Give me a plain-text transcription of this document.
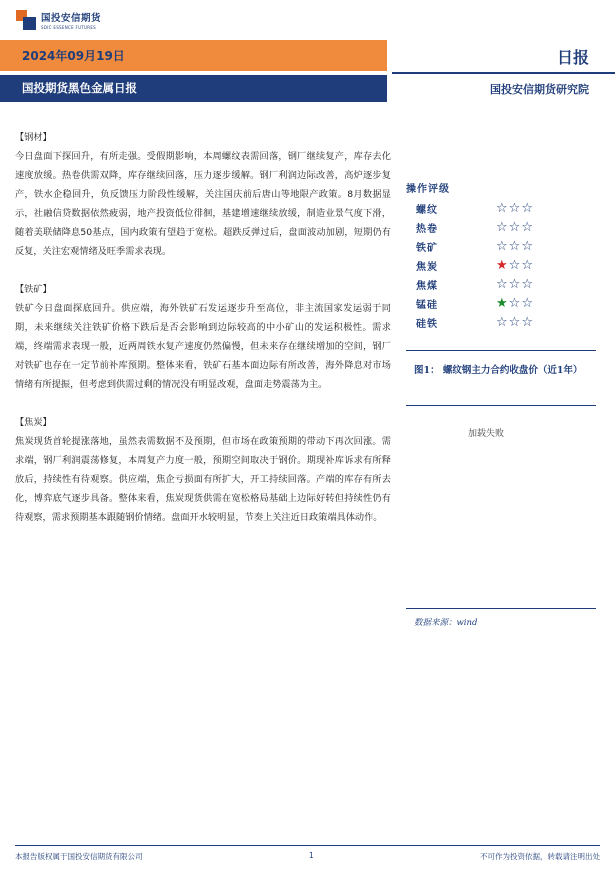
国投安信期货
SDIC ESSENCE FUTURES
2024年09月19日	日报
国投期货黑色金属日报	国投安信期货研究院
【钢材】
今日盘面下探回升，有所走强。受假期影响，本周螺纹表需回落，钢厂继续复产，库存去化速度放缓。热卷供需双降，库存继续回落，压力逐步缓解。钢厂利润边际改善，高炉逐步复产，铁水企稳回升，负反馈压力阶段性缓解，关注国庆前后唐山等地限产政策。8月数据显示，社融信贷数据依然疲弱，地产投资低位徘徊，基建增速继续放缓，制造业景气度下滑，随着美联储降息50基点，国内政策有望趋于宽松。超跌反弹过后，盘面波动加剧，短期仍有反复，关注宏观情绪及旺季需求表现。
【铁矿】
铁矿今日盘面探底回升。供应端，海外铁矿石发运逐步升至高位，非主流国家发运弱于同期，未来继续关注铁矿价格下跌后是否会影响到边际较高的中小矿山的发运积极性。需求端，终端需求表现一般，近两周铁水复产速度仍然偏慢，但未来存在继续增加的空间，钢厂对铁矿也存在一定节前补库预期。整体来看，铁矿石基本面边际有所改善，海外降息对市场情绪有所提振，但考虑到供需过剩的情况没有明显改观，盘面走势震荡为主。
【焦炭】
焦炭现货首轮提涨落地，虽然表需数据不及预期，但市场在政策预期的带动下再次回涨。需求端，钢厂利润震荡修复，本周复产力度一般，预期空间取决于钢价。期现补库诉求有所释放后，持续性有待观察。供应端，焦企亏损面有所扩大，开工持续回落。产端的库存有所去化，博弈底气逐步具备。整体来看，焦炭现货供需在宽松格局基础上边际好转但持续性仍有待观察，需求预期基本跟随钢价情绪。盘面开水较明显，节奏上关注近日政策端具体动作。
操作评级
螺纹	☆ ☆ ☆
热卷	☆ ☆ ☆
铁矿	☆ ☆ ☆
焦炭	★ ☆ ☆
焦煤	☆ ☆ ☆
锰硅	★ ☆ ☆
硅铁	☆ ☆ ☆
图1： 螺纹钢主力合约收盘价（近1年）
加载失败
数据来源：wind
本报告版权属于国投安信期货有限公司	1	不可作为投资依据，转载请注明出处
